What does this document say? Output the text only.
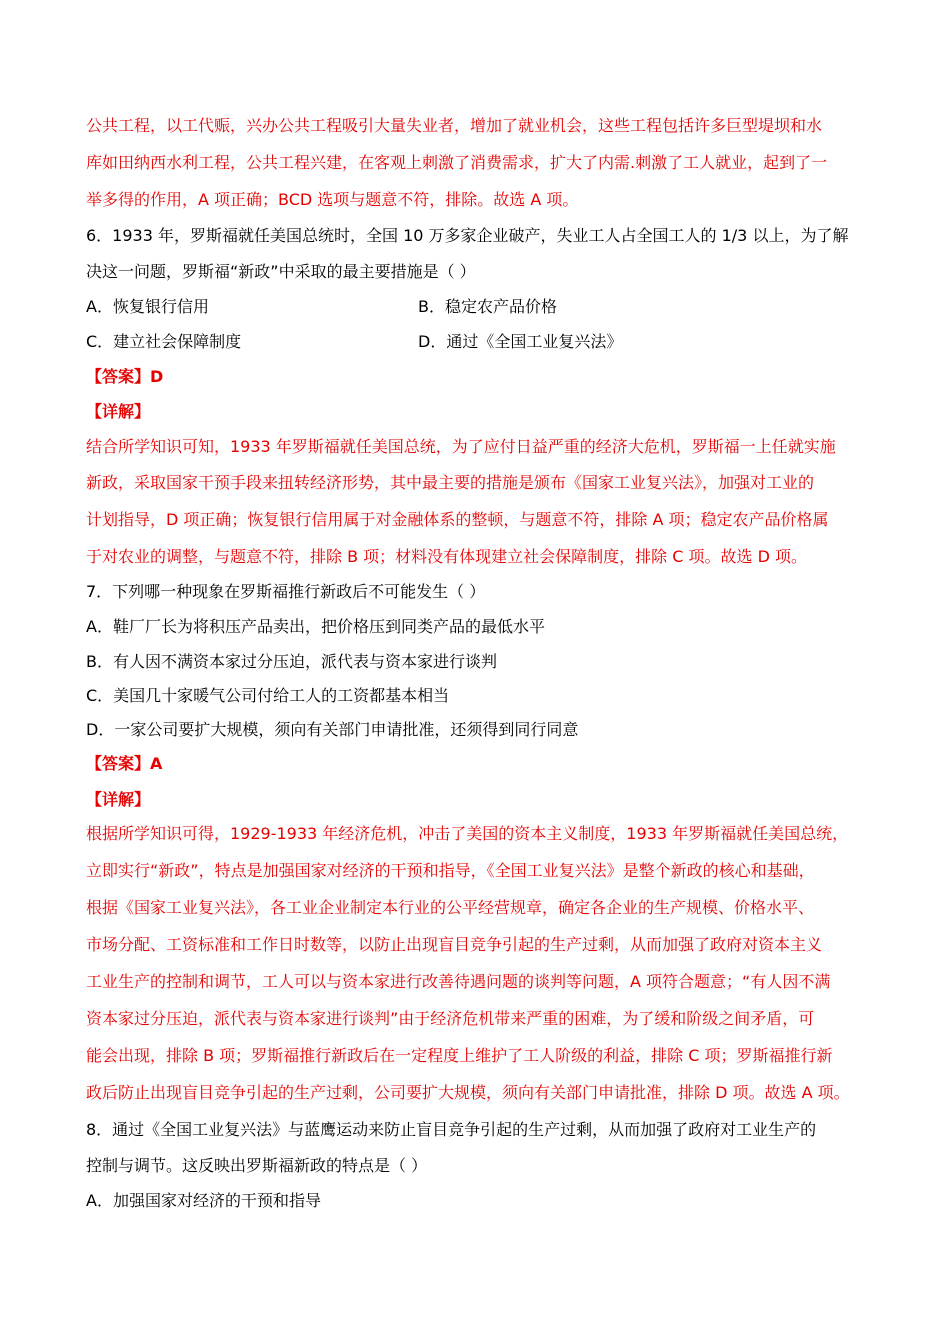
公共工程，以工代赈，兴办公共工程吸引大量失业者，增加了就业机会，这些工程包括许多巨型堤坝和水
库如田纳西水利工程，公共工程兴建，在客观上刺激了消费需求，扩大了内需.刺激了工人就业，起到了一
举多得的作用，A 项正确；BCD 选项与题意不符，排除。故选 A 项。
6．1933 年，罗斯福就任美国总统时，全国 10 万多家企业破产，失业工人占全国工人的 1/3 以上，为了解
决这一问题，罗斯福“新政”中采取的最主要措施是（ ）
A．恢复银行信用	B．稳定农产品价格
C．建立社会保障制度	D．通过《全国工业复兴法》
【答案】D
【详解】
结合所学知识可知，1933 年罗斯福就任美国总统，为了应付日益严重的经济大危机，罗斯福一上任就实施
新政，采取国家干预手段来扭转经济形势，其中最主要的措施是颁布《国家工业复兴法》，加强对工业的
计划指导，D 项正确；恢复银行信用属于对金融体系的整顿，与题意不符，排除 A 项；稳定农产品价格属
于对农业的调整，与题意不符，排除 B 项；材料没有体现建立社会保障制度，排除 C 项。故选 D 项。
7．下列哪一种现象在罗斯福推行新政后不可能发生（ ）
A．鞋厂厂长为将积压产品卖出，把价格压到同类产品的最低水平
B．有人因不满资本家过分压迫，派代表与资本家进行谈判
C．美国几十家暖气公司付给工人的工资都基本相当
D．一家公司要扩大规模，须向有关部门申请批准，还须得到同行同意
【答案】A
【详解】
根据所学知识可得，1929-1933 年经济危机，冲击了美国的资本主义制度，1933 年罗斯福就任美国总统，
立即实行“新政”，特点是加强国家对经济的干预和指导，《全国工业复兴法》是整个新政的核心和基础，
根据《国家工业复兴法》，各工业企业制定本行业的公平经营规章，确定各企业的生产规模、价格水平、
市场分配、工资标准和工作日时数等，以防止出现盲目竞争引起的生产过剩，从而加强了政府对资本主义
工业生产的控制和调节，工人可以与资本家进行改善待遇问题的谈判等问题，A 项符合题意；“有人因不满
资本家过分压迫，派代表与资本家进行谈判”由于经济危机带来严重的困难，为了缓和阶级之间矛盾，可
能会出现，排除 B 项；罗斯福推行新政后在一定程度上维护了工人阶级的利益，排除 C 项；罗斯福推行新
政后防止出现盲目竞争引起的生产过剩，公司要扩大规模，须向有关部门申请批准，排除 D 项。故选 A 项。
8．通过《全国工业复兴法》与蓝鹰运动来防止盲目竞争引起的生产过剩，从而加强了政府对工业生产的
控制与调节。这反映出罗斯福新政的特点是（ ）
A．加强国家对经济的干预和指导
